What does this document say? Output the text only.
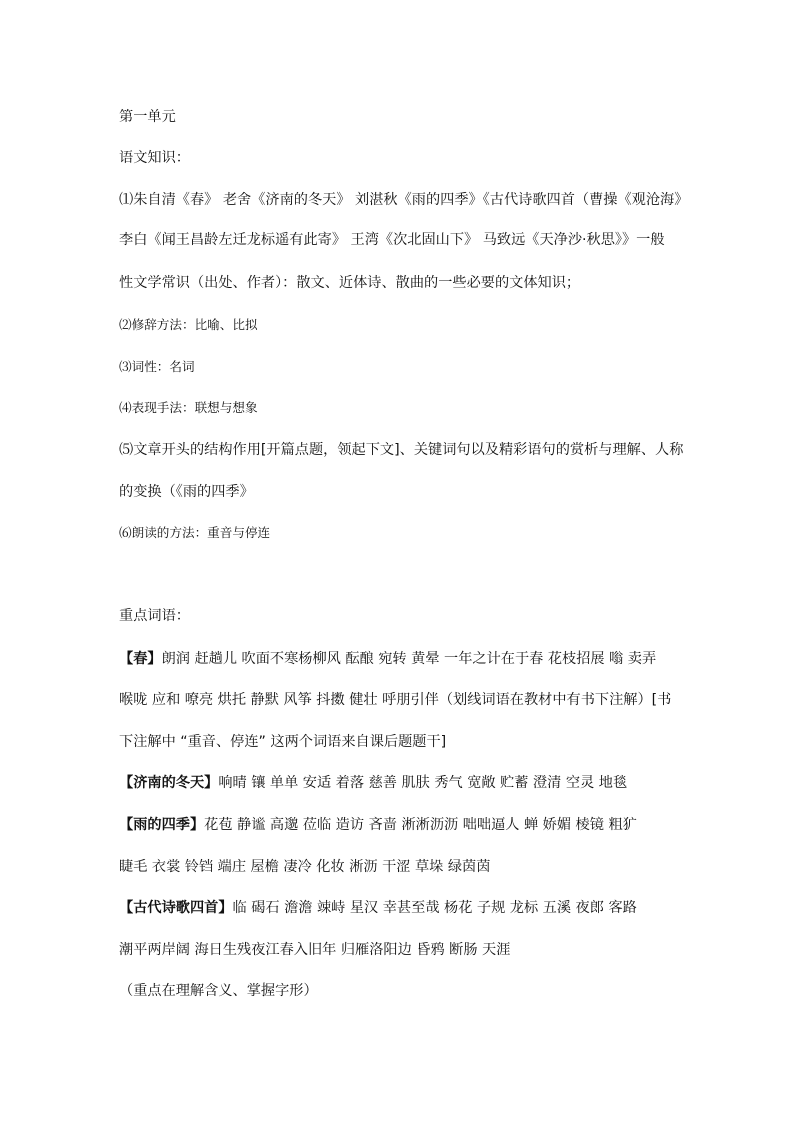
第一单元
语文知识：
⑴朱自清《春》 老舍《济南的冬天》 刘湛秋《雨的四季》《古代诗歌四首（曹操《观沧海》
李白《闻王昌龄左迁龙标遥有此寄》 王湾《次北固山下》 马致远《天净沙·秋思》》一般
性文学常识（出处、作者）：散文、近体诗、散曲的一些必要的文体知识；
⑵修辞方法：比喻、比拟
⑶词性：名词
⑷表现手法：联想与想象
⑸文章开头的结构作用[开篇点题，领起下文]、关键词句以及精彩语句的赏析与理解、人称
的变换（《雨的四季》
⑹朗读的方法：重音与停连
重点词语：
【春】朗润 赶趟儿 吹面不寒杨柳风 酝酿 宛转 黄晕 一年之计在于春 花枝招展 嗡 卖弄
喉咙 应和 嘹亮 烘托 静默 风筝 抖擞 健壮 呼朋引伴（划线词语在教材中有书下注解）[书
下注解中 “重音、停连” 这两个词语来自课后题题干]
【济南的冬天】响晴 镶 单单 安适 着落 慈善 肌肤 秀气 宽敞 贮蓄 澄清 空灵 地毯
【雨的四季】花苞 静谧 高邈 莅临 造访 吝啬 淅淅沥沥 咄咄逼人 蝉 娇媚 棱镜 粗犷
睫毛 衣裳 铃铛 端庄 屋檐 凄冷 化妆 淅沥 干涩 草垛 绿茵茵
【古代诗歌四首】临 碣石 澹澹 竦峙 星汉 幸甚至哉 杨花 子规 龙标 五溪 夜郎 客路
潮平两岸阔 海日生残夜江春入旧年 归雁洛阳边 昏鸦 断肠 天涯
（重点在理解含义、掌握字形）
